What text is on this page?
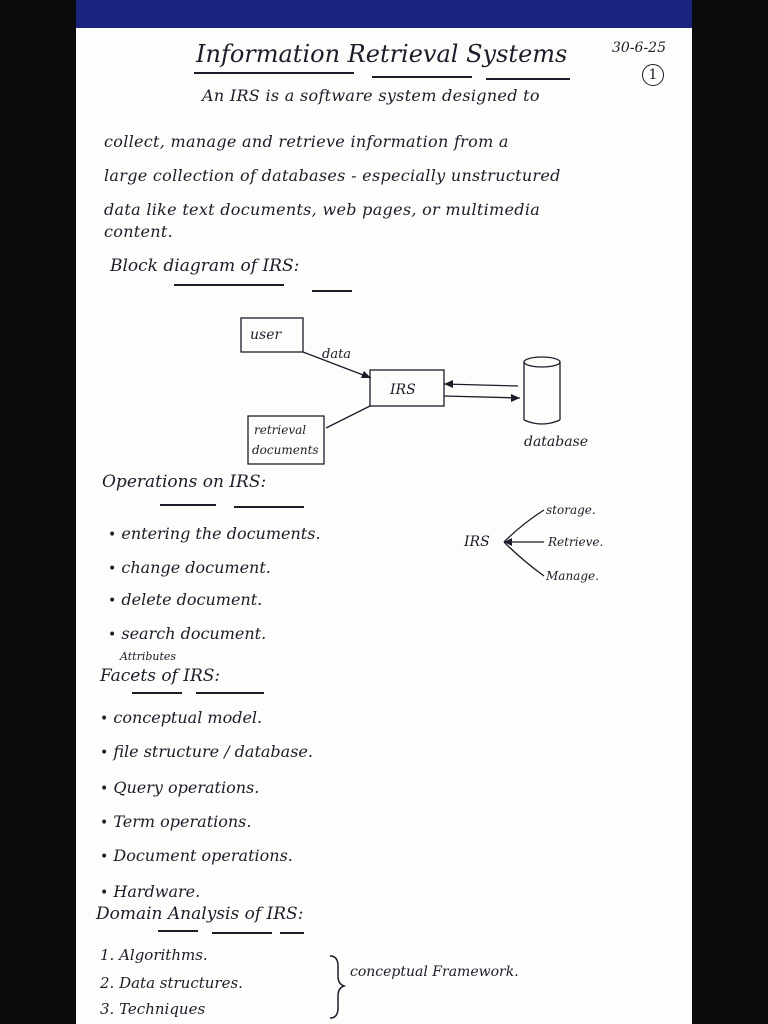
Information Retrieval Systems	30-6-25
1
An IRS is a software system designed to
collect, manage and retrieve information from a
large collection of databases - especially unstructured
data like text documents, web pages, or multimedia
content.
Block diagram of IRS:
user
data
IRS
database
retrieval
documents
IRS
storage.
Retrieve.
Manage.
conceptual Framework.
Operations on IRS:
• entering the documents.
• change document.
• delete document.
• search document.
Attributes
Facets of IRS:
• conceptual model.
• file structure / database.
• Query operations.
• Term operations.
• Document operations.
• Hardware.
Domain Analysis of IRS:
1. Algorithms.
2. Data structures.
3. Techniques
